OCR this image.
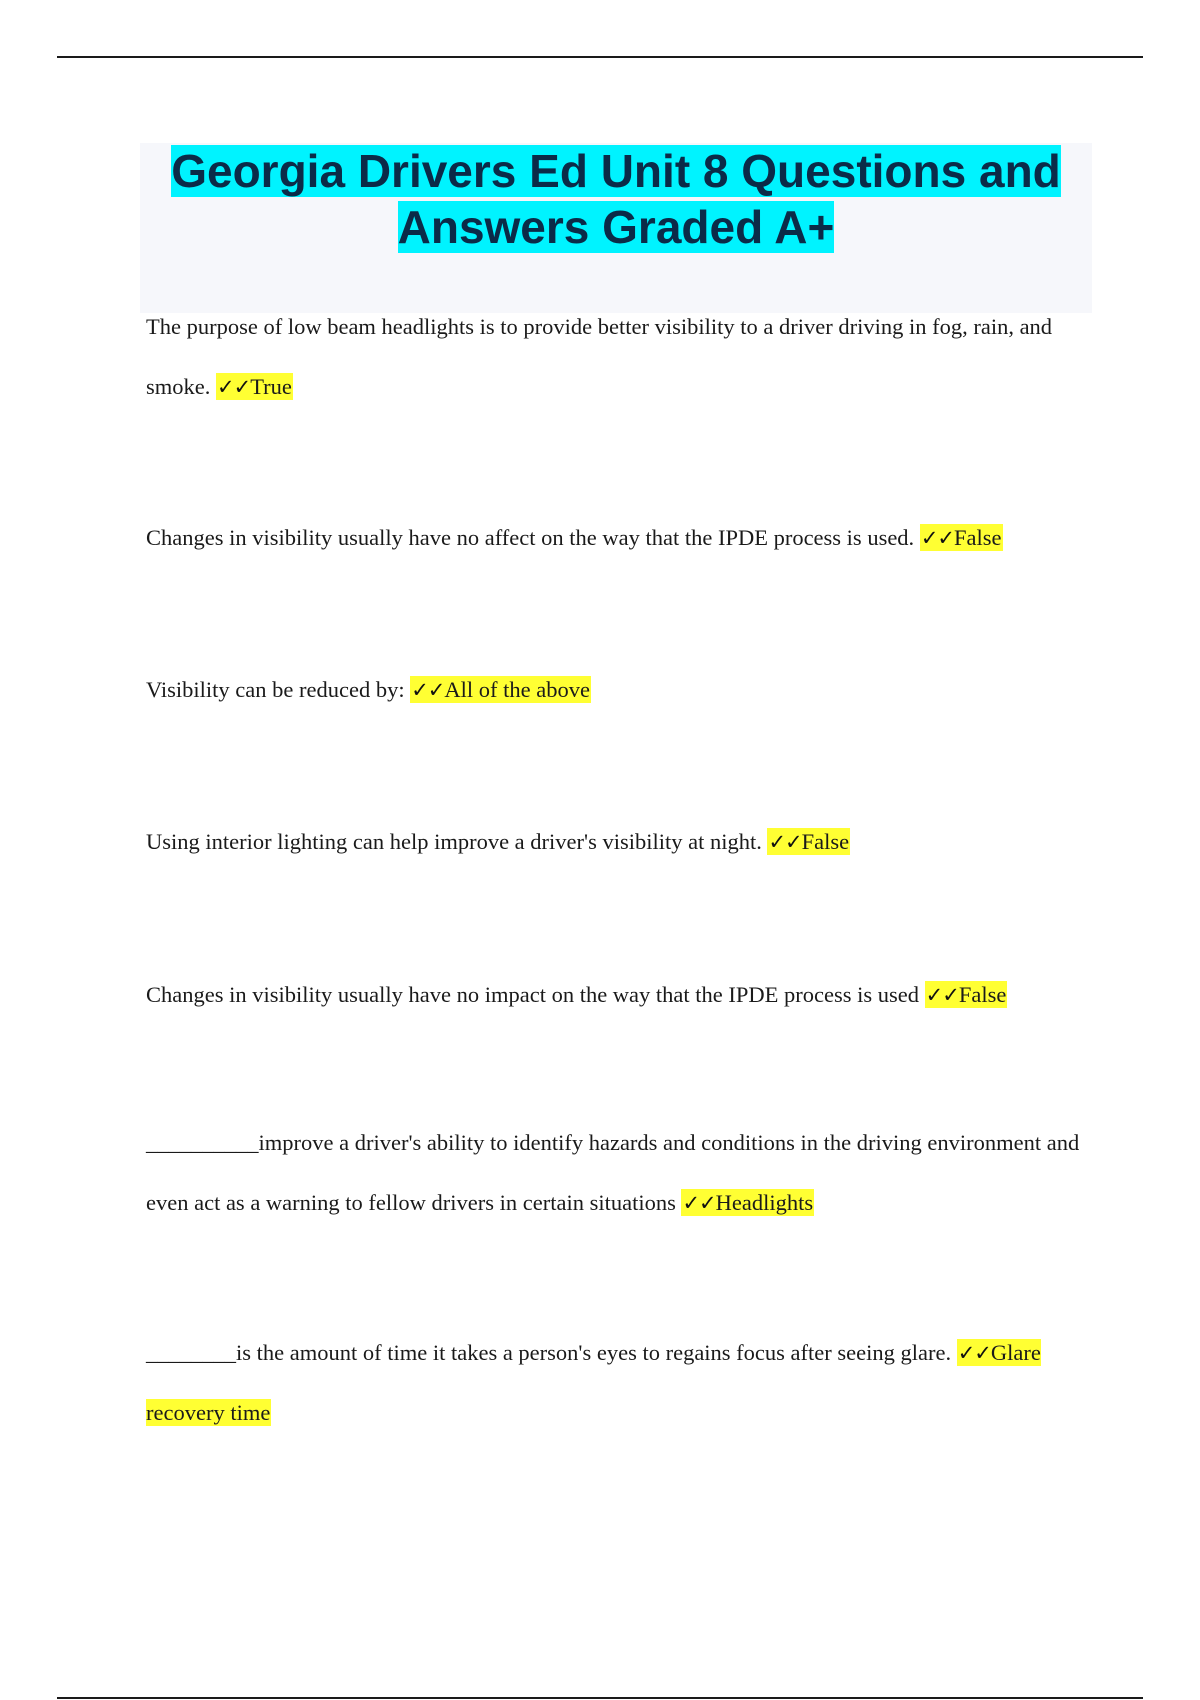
Georgia Drivers Ed Unit 8 Questions and Answers Graded A+

The purpose of low beam headlights is to provide better visibility to a driver driving in fog, rain, and smoke. ✓✓True

Changes in visibility usually have no affect on the way that the IPDE process is used. ✓✓False

Visibility can be reduced by: ✓✓All of the above

Using interior lighting can help improve a driver's visibility at night. ✓✓False

Changes in visibility usually have no impact on the way that the IPDE process is used ✓✓False

__________improve a driver's ability to identify hazards and conditions in the driving environment and even act as a warning to fellow drivers in certain situations ✓✓Headlights

________is the amount of time it takes a person's eyes to regains focus after seeing glare. ✓✓Glare recovery time
